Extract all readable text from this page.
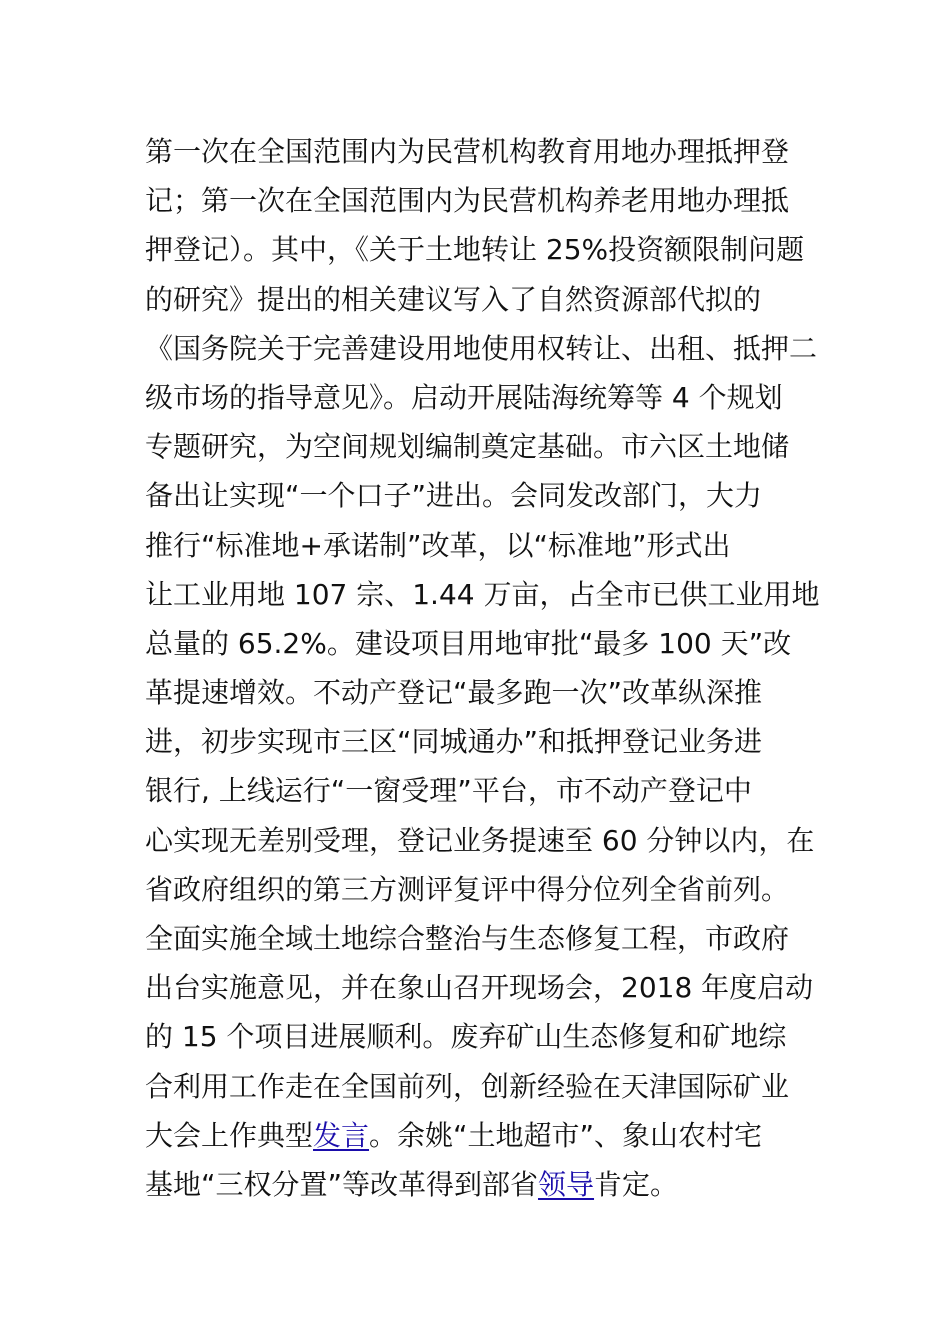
第一次在全国范围内为民营机构教育用地办理抵押登
记；第一次在全国范围内为民营机构养老用地办理抵
押登记）。其中，《关于土地转让 25%投资额限制问题
的研究》提出的相关建议写入了自然资源部代拟的
《国务院关于完善建设用地使用权转让、出租、抵押二
级市场的指导意见》。启动开展陆海统筹等 4 个规划
专题研究，为空间规划编制奠定基础。市六区土地储
备出让实现“一个口子”进出。会同发改部门，大力
推行“标准地+承诺制”改革，以“标准地”形式出
让工业用地 107 宗、1.44 万亩，占全市已供工业用地
总量的 65.2%。建设项目用地审批“最多 100 天”改
革提速增效。不动产登记“最多跑一次”改革纵深推
进，初步实现市三区“同城通办”和抵押登记业务进
银行, 上线运行“一窗受理”平台，市不动产登记中
心实现无差别受理，登记业务提速至 60 分钟以内，在
省政府组织的第三方测评复评中得分位列全省前列。
全面实施全域土地综合整治与生态修复工程，市政府
出台实施意见，并在象山召开现场会，2018 年度启动
的 15 个项目进展顺利。废弃矿山生态修复和矿地综
合利用工作走在全国前列，创新经验在天津国际矿业
大会上作典型发言。余姚“土地超市”、象山农村宅
基地“三权分置”等改革得到部省领导肯定。
